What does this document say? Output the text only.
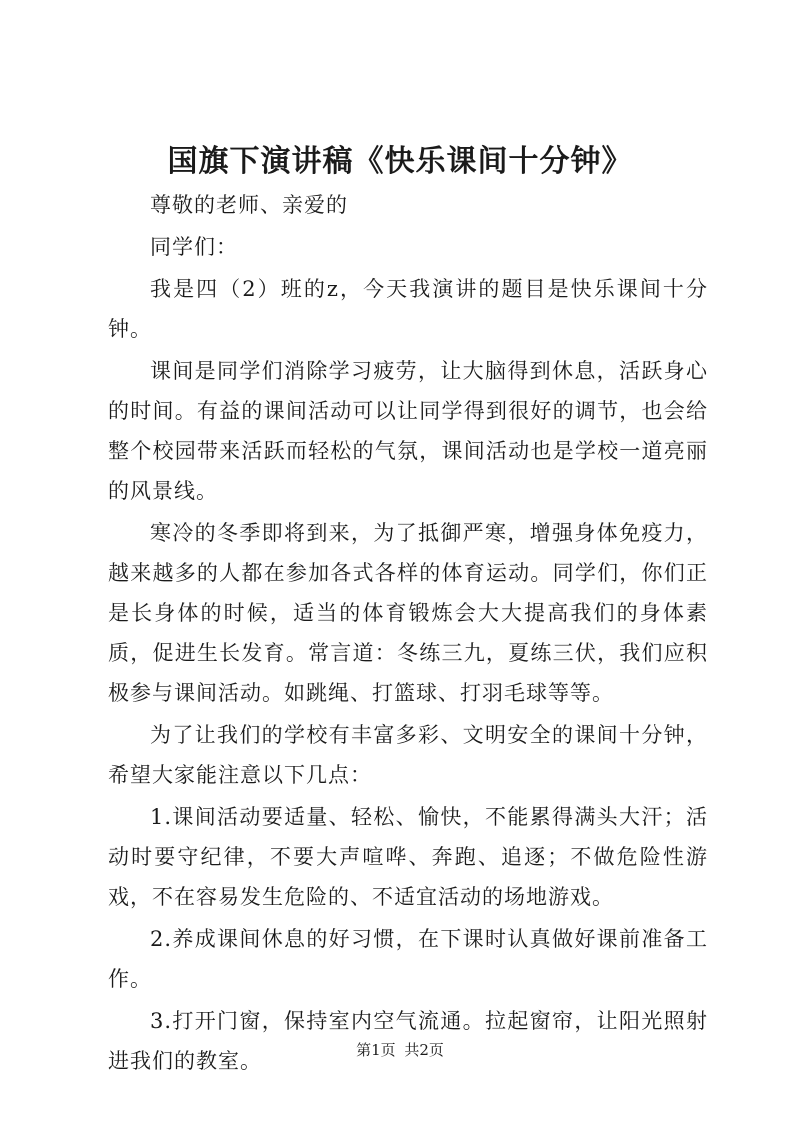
国旗下演讲稿《快乐课间十分钟》

尊敬的老师、亲爱的

同学们：

我是四（2）班的z，今天我演讲的题目是快乐课间十分钟。

课间是同学们消除学习疲劳，让大脑得到休息，活跃身心的时间。有益的课间活动可以让同学得到很好的调节，也会给整个校园带来活跃而轻松的气氛，课间活动也是学校一道亮丽的风景线。

寒冷的冬季即将到来，为了抵御严寒，增强身体免疫力，越来越多的人都在参加各式各样的体育运动。同学们，你们正是长身体的时候，适当的体育锻炼会大大提高我们的身体素质，促进生长发育。常言道：冬练三九，夏练三伏，我们应积极参与课间活动。如跳绳、打篮球、打羽毛球等等。

为了让我们的学校有丰富多彩、文明安全的课间十分钟，希望大家能注意以下几点：

1.课间活动要适量、轻松、愉快，不能累得满头大汗；活动时要守纪律，不要大声喧哗、奔跑、追逐；不做危险性游戏，不在容易发生危险的、不适宜活动的场地游戏。

2.养成课间休息的好习惯，在下课时认真做好课前准备工作。

3.打开门窗，保持室内空气流通。拉起窗帘，让阳光照射进我们的教室。	第1页 共2页
